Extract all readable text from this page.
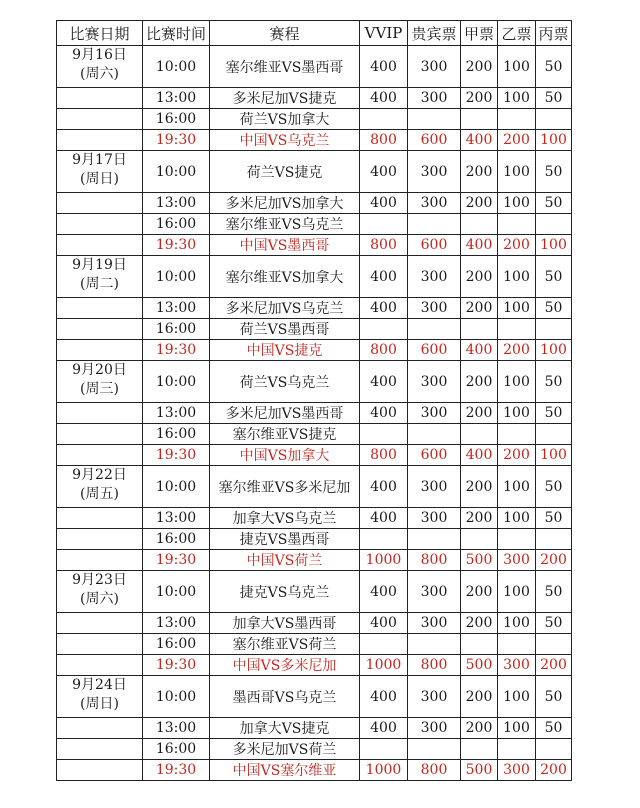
比赛日期	比赛时间	赛程	VVIP	贵宾票	甲票	乙票	丙票

9月16日
(周六)	10:00	塞尔维亚VS墨西哥	400	300	200	100	50
	13:00	多米尼加VS捷克	400	300	200	100	50
	16:00	荷兰VS加拿大					
	19:30	中国VS乌克兰	800	600	400	200	100

9月17日
(周日)	10:00	荷兰VS捷克	400	300	200	100	50
	13:00	多米尼加VS加拿大	400	300	200	100	50
	16:00	塞尔维亚VS乌克兰					
	19:30	中国VS墨西哥	800	600	400	200	100

9月19日
(周二)	10:00	塞尔维亚VS加拿大	400	300	200	100	50
	13:00	多米尼加VS乌克兰	400	300	200	100	50
	16:00	荷兰VS墨西哥					
	19:30	中国VS捷克	800	600	400	200	100

9月20日
(周三)	10:00	荷兰VS乌克兰	400	300	200	100	50
	13:00	多米尼加VS墨西哥	400	300	200	100	50
	16:00	塞尔维亚VS捷克					
	19:30	中国VS加拿大	800	600	400	200	100

9月22日
(周五)	10:00	塞尔维亚VS多米尼加	400	300	200	100	50
	13:00	加拿大VS乌克兰	400	300	200	100	50
	16:00	捷克VS墨西哥					
	19:30	中国VS荷兰	1000	800	500	300	200

9月23日
(周六)	10:00	捷克VS乌克兰	400	300	200	100	50
	13:00	加拿大VS墨西哥	400	300	200	100	50
	16:00	塞尔维亚VS荷兰					
	19:30	中国VS多米尼加	1000	800	500	300	200

9月24日
(周日)	10:00	墨西哥VS乌克兰	400	300	200	100	50
	13:00	加拿大VS捷克	400	300	200	100	50
	16:00	多米尼加VS荷兰					
	19:30	中国VS塞尔维亚	1000	800	500	300	200
